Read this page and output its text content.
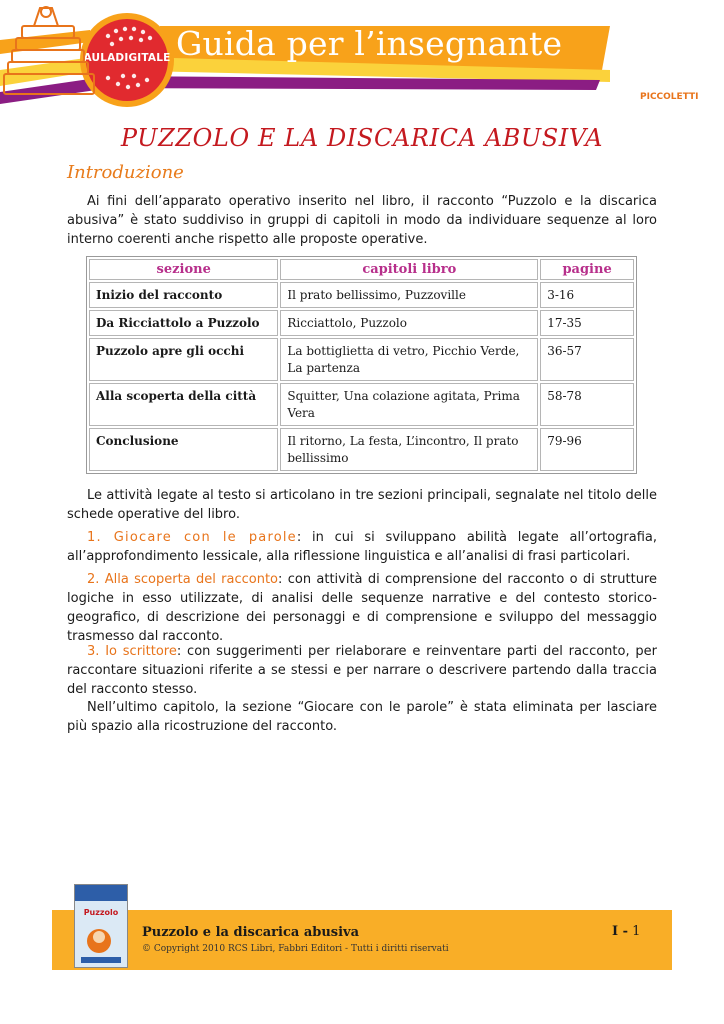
AULADIGITALE Guida per l’insegnante
PICCOLETTI
PUZZOLO E LA DISCARICA ABUSIVA
Introduzione
Ai fini dell’apparato operativo inserito nel libro, il racconto “Puzzolo e la discarica abusiva” è stato suddiviso in gruppi di capitoli in modo da individuare sequenze al loro interno coerenti anche rispetto alle proposte operative.
sezione	capitoli libro	pagine
Inizio del racconto	Il prato bellissimo, Puzzoville	3-16
Da Ricciattolo a Puzzolo	Ricciattolo, Puzzolo	17-35
Puzzolo apre gli occhi	La bottiglietta di vetro, Picchio Verde, La partenza	36-57
Alla scoperta della città	Squitter, Una colazione agitata, Prima Vera	58-78
Conclusione	Il ritorno, La festa, L’incontro, Il prato bellissimo	79-96
Le attività legate al testo si articolano in tre sezioni principali, segnalate nel titolo delle schede operative del libro.
1. Giocare con le parole: in cui si sviluppano abilità legate all’ortografia, all’approfondimento lessicale, alla riflessione linguistica e all’analisi di frasi particolari.
2. Alla scoperta del racconto: con attività di comprensione del racconto o di strutture logiche in esso utilizzate, di analisi delle sequenze narrative e del contesto storico-geografico, di descrizione dei personaggi e di comprensione e sviluppo del messaggio trasmesso dal racconto.
3. Io scrittore: con suggerimenti per rielaborare e reinventare parti del racconto, per raccontare situazioni riferite a se stessi e per narrare o descrivere partendo dalla traccia del racconto stesso.
Nell’ultimo capitolo, la sezione “Giocare con le parole” è stata eliminata per lasciare più spazio alla ricostruzione del racconto.
Puzzolo
Puzzolo e la discarica abusiva
© Copyright 2010 RCS Libri, Fabbri Editori - Tutti i diritti riservati
I - 1
